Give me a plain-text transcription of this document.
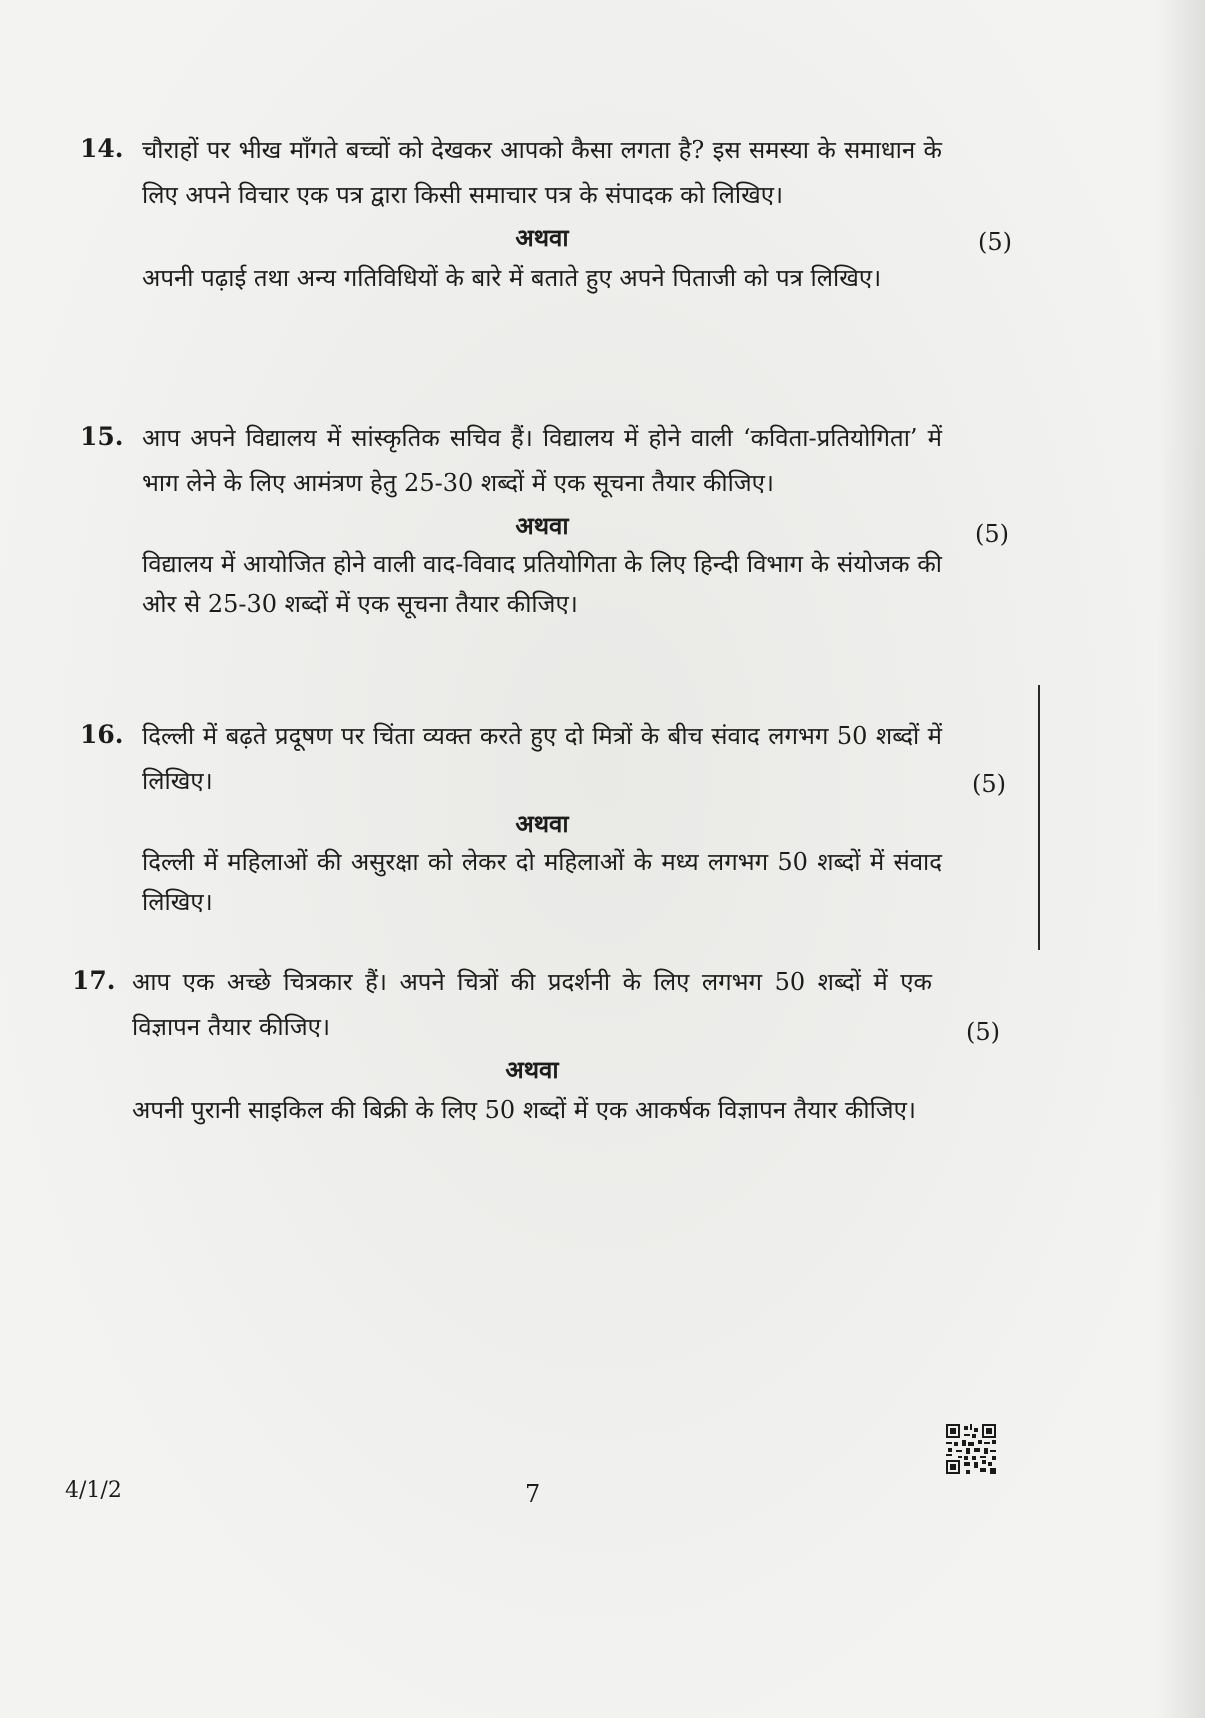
14. चौराहों पर भीख माँगते बच्चों को देखकर आपको कैसा लगता है? इस समस्या के समाधान के लिए अपने विचार एक पत्र द्वारा किसी समाचार पत्र के संपादक को लिखिए।
अथवा
अपनी पढ़ाई तथा अन्य गतिविधियों के बारे में बताते हुए अपने पिताजी को पत्र लिखिए।
(5)
15. आप अपने विद्यालय में सांस्कृतिक सचिव हैं। विद्यालय में होने वाली ‘कविता-प्रतियोगिता’ में भाग लेने के लिए आमंत्रण हेतु 25-30 शब्दों में एक सूचना तैयार कीजिए।
अथवा
विद्यालय में आयोजित होने वाली वाद-विवाद प्रतियोगिता के लिए हिन्दी विभाग के संयोजक की ओर से 25-30 शब्दों में एक सूचना तैयार कीजिए।
(5)
16. दिल्ली में बढ़ते प्रदूषण पर चिंता व्यक्त करते हुए दो मित्रों के बीच संवाद लगभग 50 शब्दों में लिखिए।
अथवा
दिल्ली में महिलाओं की असुरक्षा को लेकर दो महिलाओं के मध्य लगभग 50 शब्दों में संवाद लिखिए।
(5)
17. आप एक अच्छे चित्रकार हैं। अपने चित्रों की प्रदर्शनी के लिए लगभग 50 शब्दों में एक विज्ञापन तैयार कीजिए।
अथवा
अपनी पुरानी साइकिल की बिक्री के लिए 50 शब्दों में एक आकर्षक विज्ञापन तैयार कीजिए।
(5)
4/1/2	7
